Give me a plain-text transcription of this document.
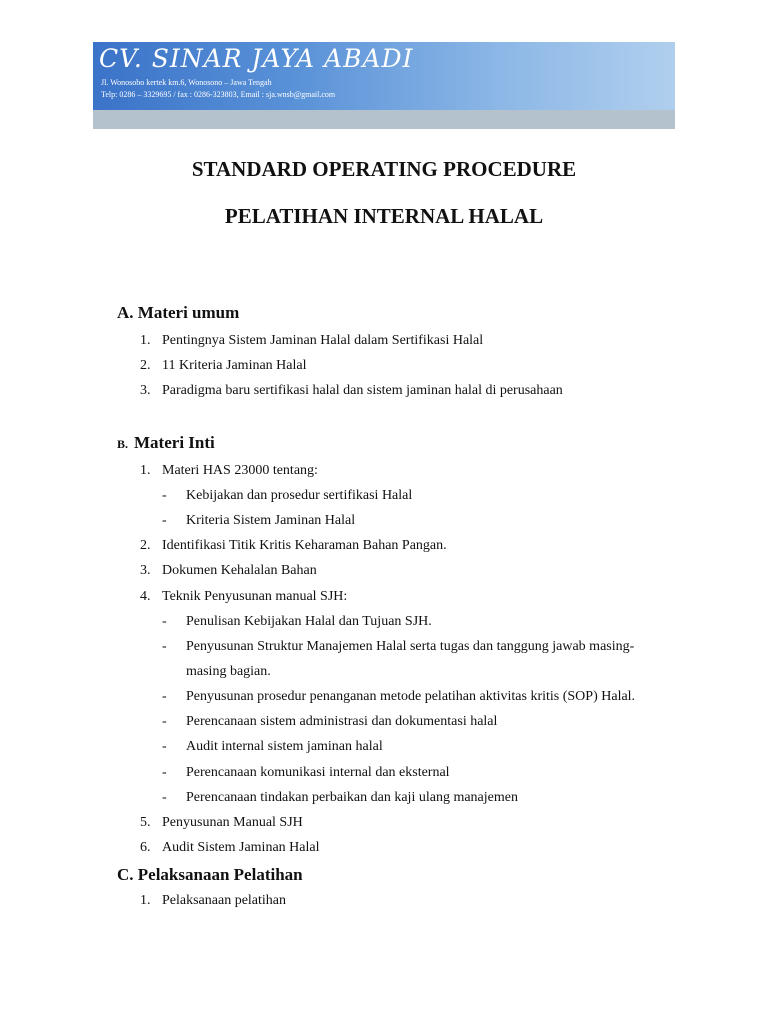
CV. SINAR JAYA ABADI
Jl. Wonosobo kertek km.6, Wonosono – Jawa Tengah
Telp: 0286 – 3329695 / fax : 0286-323803, Email : sja.wnsb@gmail.com
STANDARD OPERATING PROCEDURE
PELATIHAN INTERNAL HALAL
A. Materi umum
1. Pentingnya Sistem Jaminan Halal dalam Sertifikasi Halal
2. 11 Kriteria Jaminan Halal
3. Paradigma baru sertifikasi halal dan sistem jaminan halal di perusahaan
B. Materi Inti
1. Materi HAS 23000 tentang:
- Kebijakan dan prosedur sertifikasi Halal
- Kriteria Sistem Jaminan Halal
2. Identifikasi Titik Kritis Keharaman Bahan Pangan.
3. Dokumen Kehalalan Bahan
4. Teknik Penyusunan manual SJH:
- Penulisan Kebijakan Halal dan Tujuan SJH.
- Penyusunan Struktur Manajemen Halal serta tugas dan tanggung jawab masing-
masing bagian.
- Penyusunan prosedur penanganan metode pelatihan aktivitas kritis (SOP) Halal.
- Perencanaan sistem administrasi dan dokumentasi halal
- Audit internal sistem jaminan halal
- Perencanaan komunikasi internal dan eksternal
- Perencanaan tindakan perbaikan dan kaji ulang manajemen
5. Penyusunan Manual SJH
6. Audit Sistem Jaminan Halal
C. Pelaksanaan Pelatihan
1. Pelaksanaan pelatihan
